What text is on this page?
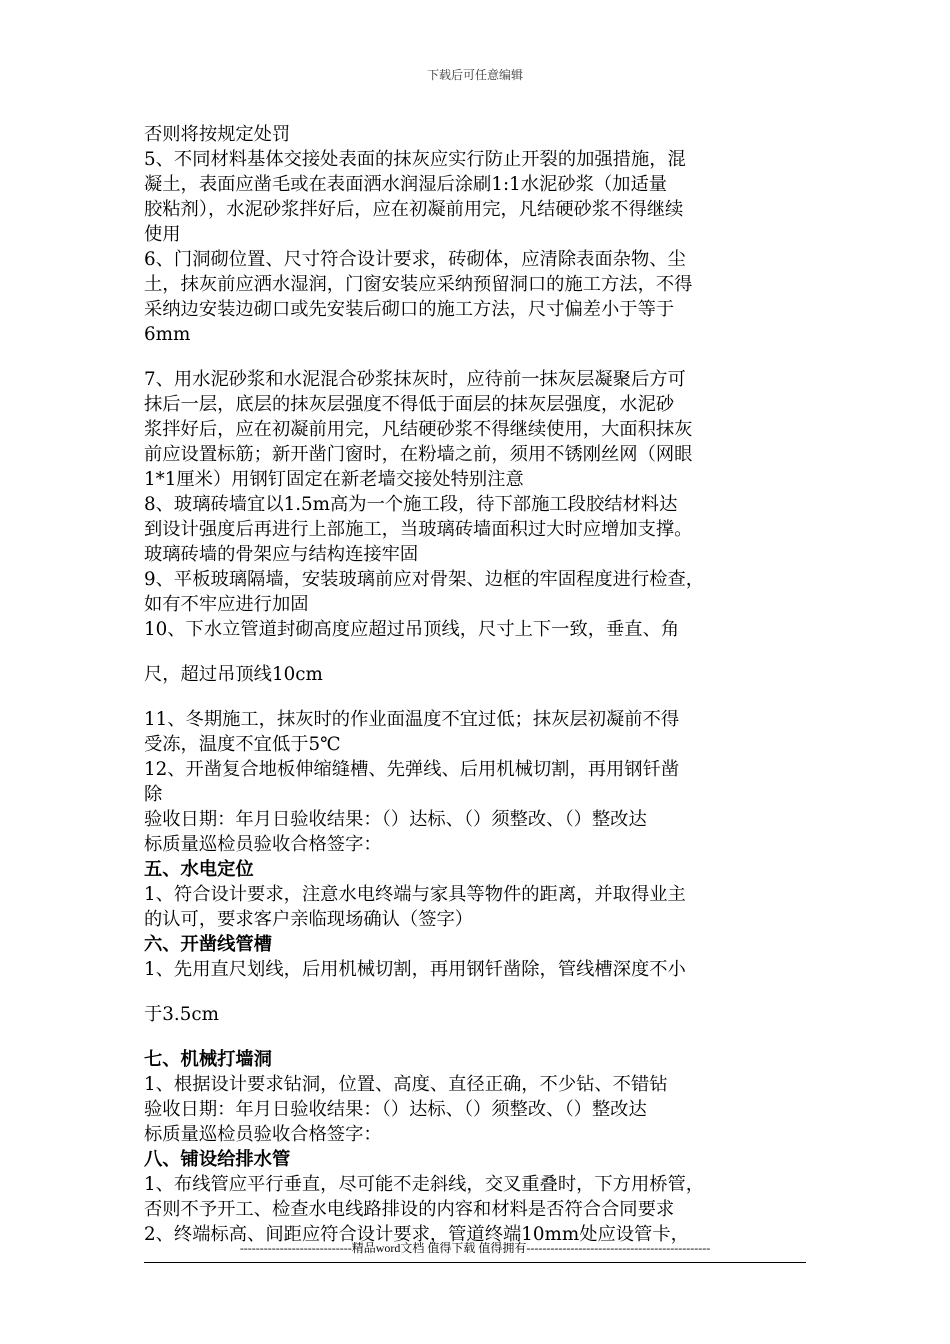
下载后可任意编辑
否则将按规定处罚
5、不同材料基体交接处表面的抹灰应实行防止开裂的加强措施，混
凝土，表面应凿毛或在表面洒水润湿后涂刷1:1水泥砂浆（加适量
胶粘剂），水泥砂浆拌好后，应在初凝前用完，凡结硬砂浆不得继续
使用
6、门洞砌位置、尺寸符合设计要求，砖砌体，应清除表面杂物、尘
土，抹灰前应洒水湿润，门窗安装应采纳预留洞口的施工方法，不得
采纳边安装边砌口或先安装后砌口的施工方法，尺寸偏差小于等于
6mm
7、用水泥砂浆和水泥混合砂浆抹灰时，应待前一抹灰层凝聚后方可
抹后一层，底层的抹灰层强度不得低于面层的抹灰层强度，水泥砂
浆拌好后，应在初凝前用完，凡结硬砂浆不得继续使用，大面积抹灰
前应设置标筋；新开凿门窗时，在粉墙之前，须用不锈刚丝网（网眼
1*1厘米）用钢钉固定在新老墙交接处特别注意
8、玻璃砖墙宜以1.5m高为一个施工段，待下部施工段胶结材料达
到设计强度后再进行上部施工，当玻璃砖墙面积过大时应增加支撑。
玻璃砖墙的骨架应与结构连接牢固
9、平板玻璃隔墙，安装玻璃前应对骨架、边框的牢固程度进行检查，
如有不牢应进行加固
10、下水立管道封砌高度应超过吊顶线，尺寸上下一致，垂直、角
尺，超过吊顶线10cm
11、冬期施工，抹灰时的作业面温度不宜过低；抹灰层初凝前不得
受冻，温度不宜低于5℃
12、开凿复合地板伸缩缝槽、先弹线、后用机械切割，再用钢钎凿
除
验收日期：年月日验收结果：（）达标、（）须整改、（）整改达
标质量巡检员验收合格签字：
五、水电定位
1、符合设计要求，注意水电终端与家具等物件的距离，并取得业主
的认可，要求客户亲临现场确认（签字）
六、开凿线管槽
1、先用直尺划线，后用机械切割，再用钢钎凿除，管线槽深度不小
于3.5cm
七、机械打墙洞
1、根据设计要求钻洞，位置、高度、直径正确，不少钻、不错钻
验收日期：年月日验收结果：（）达标、（）须整改、（）整改达
标质量巡检员验收合格签字：
八、铺设给排水管
1、布线管应平行垂直，尽可能不走斜线，交叉重叠时，下方用桥管，
否则不予开工、检查水电线路排设的内容和材料是否符合合同要求
2、终端标高、间距应符合设计要求，管道终端10mm处应设管卡，
----------------------------精品word文档 值得下载 值得拥有----------------------------------------------
